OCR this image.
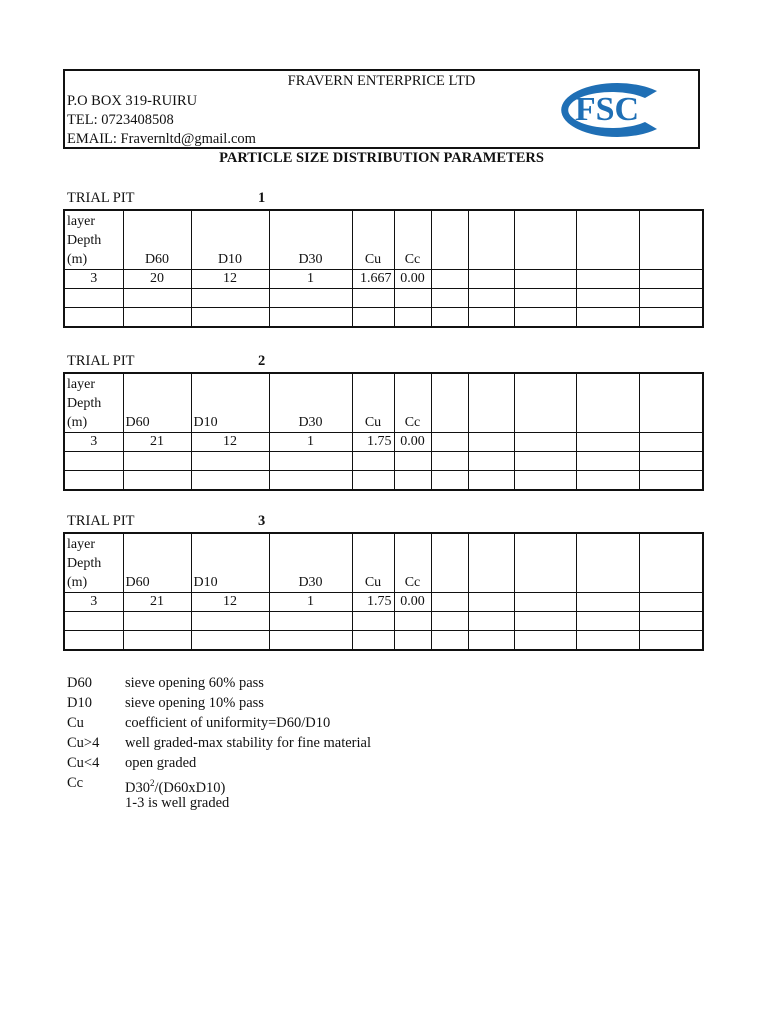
FRAVERN ENTERPRICE LTD
P.O BOX 319-RUIRU
TEL: 0723408508
EMAIL: Fravernltd@gmail.com
FSC
PARTICLE SIZE DISTRIBUTION PARAMETERS
TRIAL PIT	1
layer
Depth
(m)	D60	D10	D30	Cu	Cc					
3	20	12	1	1.667	0.00					

TRIAL PIT	2
layer
Depth
(m)	D60	D10	D30	Cu	Cc					
3	21	12	1	1.75	0.00					

TRIAL PIT	3
layer
Depth
(m)	D60	D10	D30	Cu	Cc					
3	21	12	1	1.75	0.00					

D60 sieve opening 60% pass
D10 sieve opening 10% pass
Cu	coefficient of uniformity=D60/D10
Cu>4 well graded-max stability for fine material
Cu<4 open graded
Cc	$D30^2/(D60xD10)$
1-3 is well graded
